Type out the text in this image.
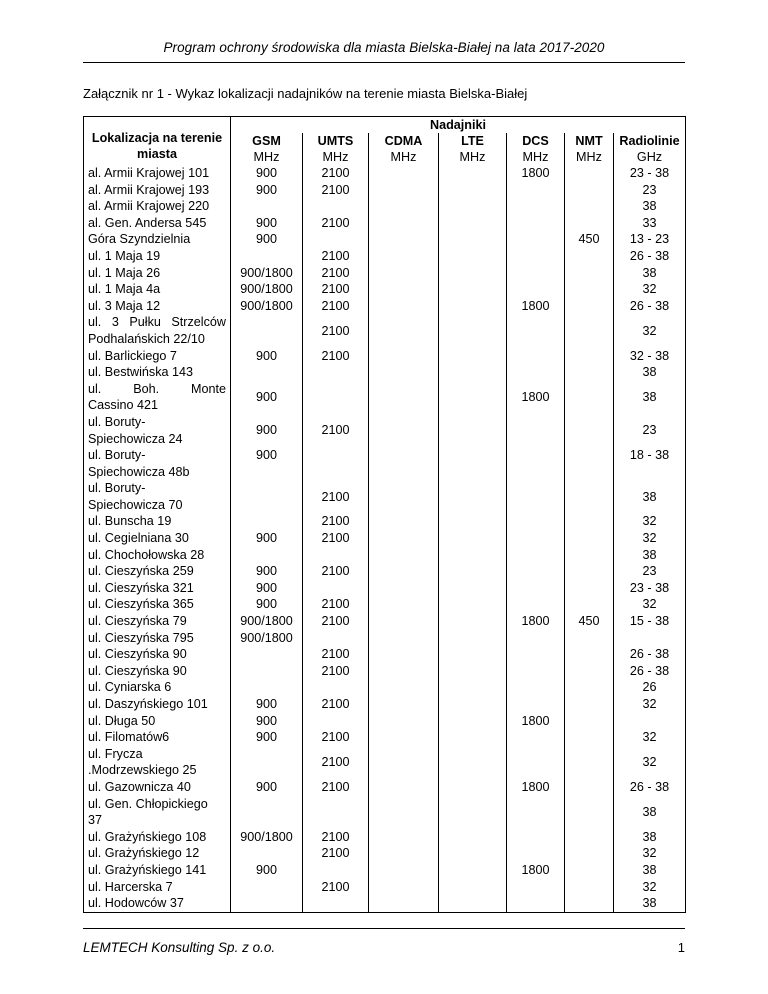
Program ochrony środowiska dla miasta Bielska-Białej na lata 2017-2020
Załącznik nr 1 - Wykaz lokalizacji nadajników na terenie miasta Bielska-Białej
Lokalizacja na terenie miasta	Nadajniki						
	GSM	UMTS	CDMA	LTE	DCS	NMT	Radiolinie
	MHz	MHz	MHz	MHz	MHz	MHz	GHz

al. Armii Krajowej 101	900	2100			1800		23 - 38

al. Armii Krajowej 193	900	2100					23

al. Armii Krajowej 220							38

al. Gen. Andersa 545	900	2100					33

Góra Szyndzielnia	900					450	13 - 23

ul. 1 Maja 19		2100					26 - 38

ul. 1 Maja 26	900/1800	2100					38

ul. 1 Maja 4a	900/1800	2100					32

ul. 3 Maja 12	900/1800	2100			1800		26 - 38

ul. 3 Pułku Strzelców
Podhalańskich 22/10		2100					32

ul. Barlickiego 7	900	2100					32 - 38

ul. Bestwińska 143							38

ul. Boh. Monte
Cassino 421	900				1800		38

ul. Boruty-
Spiechowicza 24	900	2100					23

ul. Boruty-
Spiechowicza 48b	900						18 - 38

ul. Boruty-
Spiechowicza 70		2100					38

ul. Bunscha 19		2100					32

ul. Cegielniana 30	900	2100					32

ul. Chochołowska 28							38

ul. Cieszyńska 259	900	2100					23

ul. Cieszyńska 321	900						23 - 38

ul. Cieszyńska 365	900	2100					32

ul. Cieszyńska 79	900/1800	2100			1800	450	15 - 38

ul. Cieszyńska 795	900/1800						

ul. Cieszyńska 90		2100					26 - 38

ul. Cieszyńska 90		2100					26 - 38

ul. Cyniarska 6							26

ul. Daszyńskiego 101	900	2100					32

ul. Długa 50	900				1800		

ul. Filomatów6	900	2100					32

ul. Frycza
.Modrzewskiego 25		2100					32

ul. Gazownicza 40	900	2100			1800		26 - 38

ul. Gen. Chłopickiego
37							38

ul. Grażyńskiego 108	900/1800	2100					38

ul. Grażyńskiego 12		2100					32

ul. Grażyńskiego 141	900				1800		38

ul. Harcerska 7		2100					32

ul. Hodowców 37							38
LEMTECH Konsulting Sp. z o.o.	1
